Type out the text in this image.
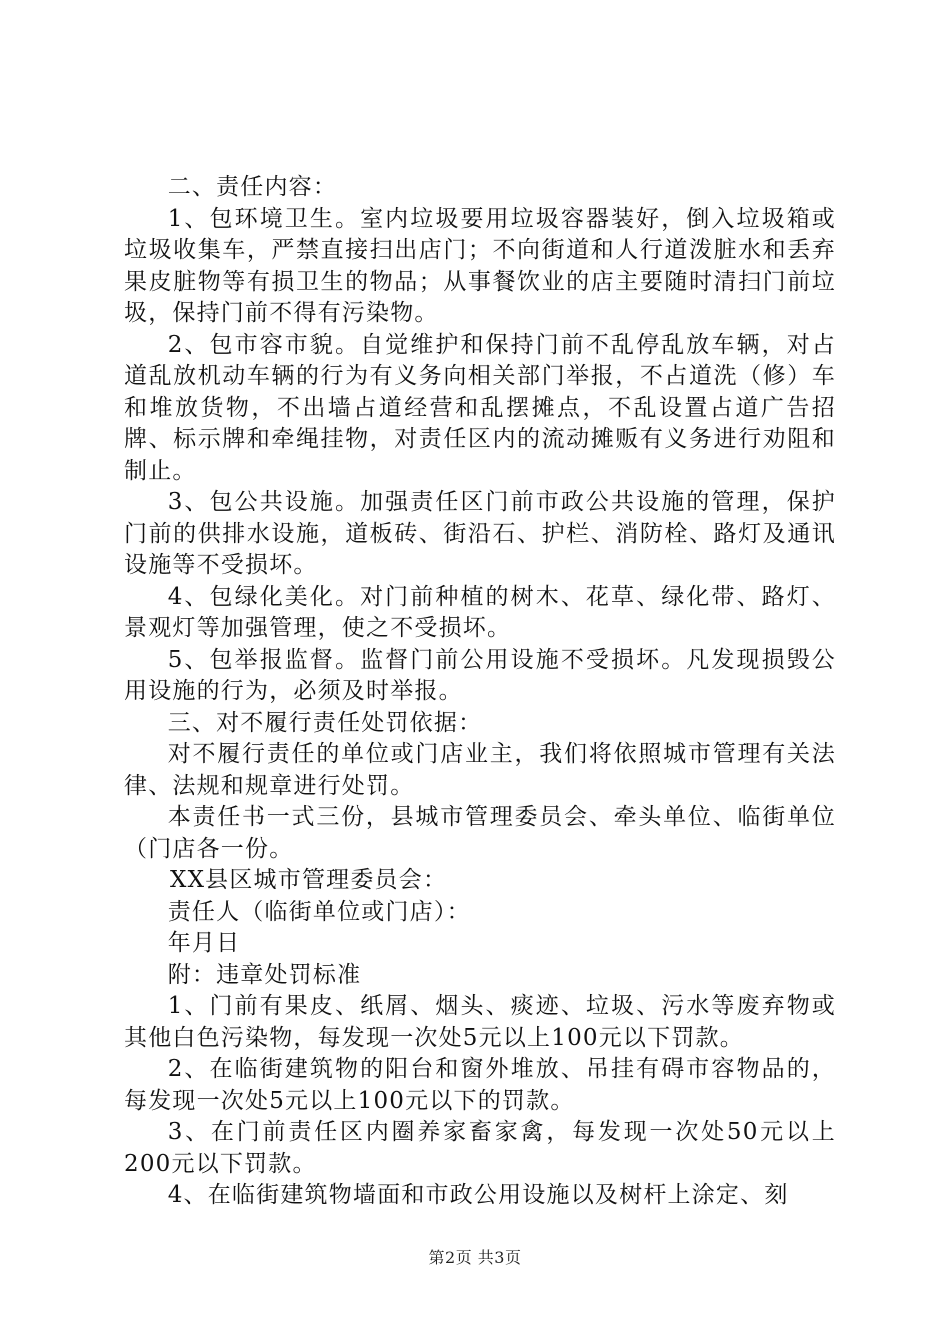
二、责任内容：

1、包环境卫生。室内垃圾要用垃圾容器装好，倒入垃圾箱或垃圾收集车，严禁直接扫出店门；不向街道和人行道泼脏水和丢弃果皮脏物等有损卫生的物品；从事餐饮业的店主要随时清扫门前垃圾，保持门前不得有污染物。

2、包市容市貌。自觉维护和保持门前不乱停乱放车辆，对占道乱放机动车辆的行为有义务向相关部门举报，不占道洗（修）车和堆放货物，不出墙占道经营和乱摆摊点，不乱设置占道广告招牌、标示牌和牵绳挂物，对责任区内的流动摊贩有义务进行劝阻和制止。

3、包公共设施。加强责任区门前市政公共设施的管理，保护门前的供排水设施，道板砖、街沿石、护栏、消防栓、路灯及通讯设施等不受损坏。

4、包绿化美化。对门前种植的树木、花草、绿化带、路灯、景观灯等加强管理，使之不受损坏。

5、包举报监督。监督门前公用设施不受损坏。凡发现损毁公用设施的行为，必须及时举报。

三、对不履行责任处罚依据：

对不履行责任的单位或门店业主，我们将依照城市管理有关法律、法规和规章进行处罚。

本责任书一式三份，县城市管理委员会、牵头单位、临街单位（门店各一份。

XX县区城市管理委员会：

责任人（临街单位或门店）：

年月日

附：违章处罚标准

1、门前有果皮、纸屑、烟头、痰迹、垃圾、污水等废弃物或其他白色污染物，每发现一次处5元以上100元以下罚款。

2、在临街建筑物的阳台和窗外堆放、吊挂有碍市容物品的，每发现一次处5元以上100元以下的罚款。

3、在门前责任区内圈养家畜家禽，每发现一次处50元以上200元以下罚款。

4、在临街建筑物墙面和市政公用设施以及树杆上涂定、刻

第2页 共3页
